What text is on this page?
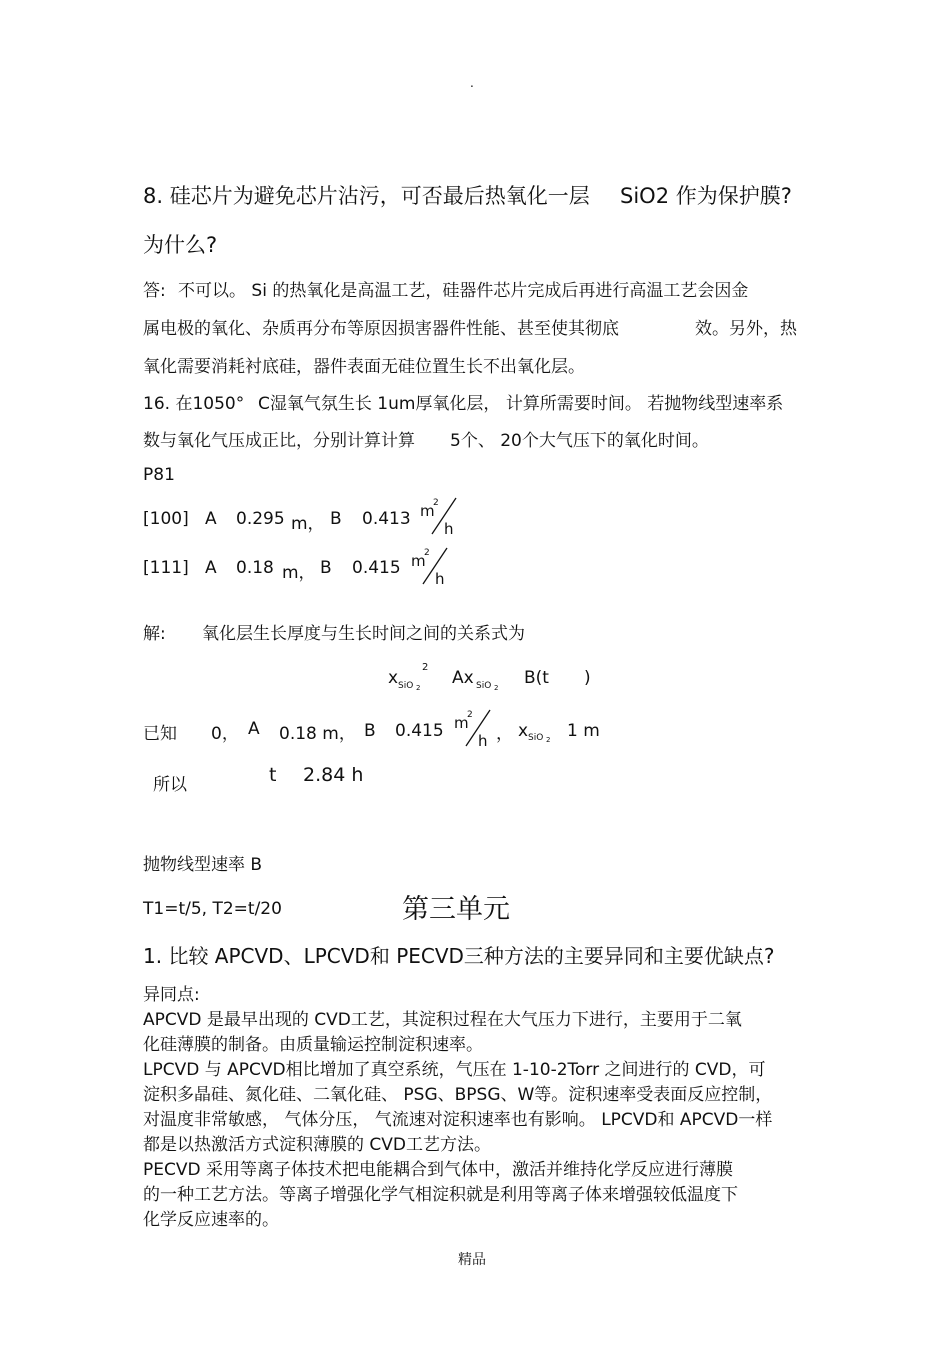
.
8. 硅芯片为避免芯片沾污，可否最后热氧化一层 SiO2 作为保护膜?
为什么?
答: 不可以。 Si 的热氧化是高温工艺，硅器件芯片完成后再进行高温工艺会因金
属电极的氧化、杂质再分布等原因损害器件性能、甚至使其彻底	效。另外，热
氧化需要消耗衬底硅，器件表面无硅位置生长不出氧化层。
16. 在1050° C湿氧气氛生长 1um厚氧化层， 计算所需要时间。 若抛物线型速率系
数与氧化气压成正比，分别计算计算 5个、 20个大气压下的氧化时间。
P81
[100] A 0.295 m， B 0.413 m
2
h
[111] A 0.18 m， B 0.415 m
2
h
解: 氧化层生长厚度与生长时间之间的关系式为
x SiO 2
2
Ax SiO 2 B(t )
已知 0， A 0.18 m， B 0.415 m
2
h ， x SiO 2 1 m
所以	t 2.84 h
抛物线型速率 B
T1=t/5, T2=t/20	第三单元
1. 比较 APCVD、LPCVD和 PECVD三种方法的主要异同和主要优缺点?
异同点:
APCVD 是最早出现的 CVD工艺，其淀积过程在大气压力下进行，主要用于二氧
化硅薄膜的制备。由质量输运控制淀积速率。
LPCVD 与 APCVD相比增加了真空系统，气压在 1-10-2Torr 之间进行的 CVD，可
淀积多晶硅、氮化硅、二氧化硅、 PSG、BPSG、W等。淀积速率受表面反应控制，
对温度非常敏感， 气体分压， 气流速对淀积速率也有影响。 LPCVD和 APCVD一样
都是以热激活方式淀积薄膜的 CVD工艺方法。
PECVD 采用等离子体技术把电能耦合到气体中，激活并维持化学反应进行薄膜
的一种工艺方法。等离子增强化学气相淀积就是利用等离子体来增强较低温度下
化学反应速率的。
精品
